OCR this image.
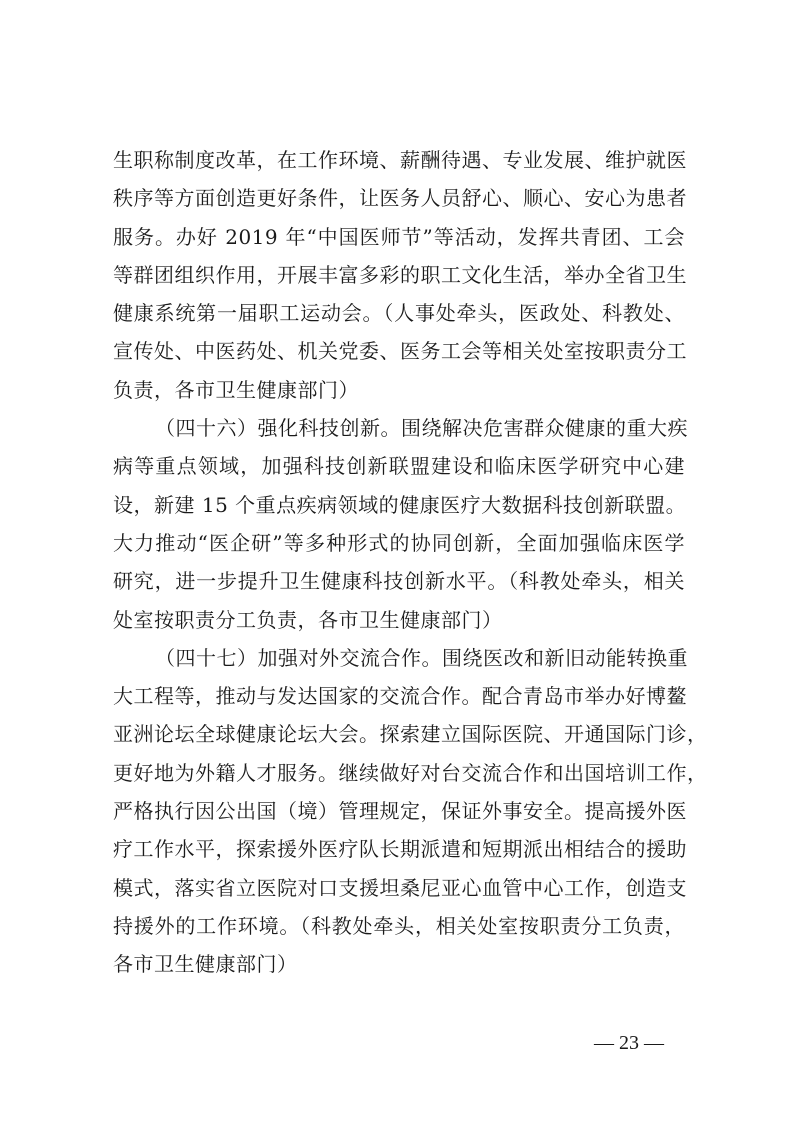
生职称制度改革，在工作环境、薪酬待遇、专业发展、维护就医
秩序等方面创造更好条件，让医务人员舒心、顺心、安心为患者
服务。办好 2019 年“中国医师节”等活动，发挥共青团、工会
等群团组织作用，开展丰富多彩的职工文化生活，举办全省卫生
健康系统第一届职工运动会。（人事处牵头，医政处、科教处、
宣传处、中医药处、机关党委、医务工会等相关处室按职责分工
负责，各市卫生健康部门）
（四十六）强化科技创新。围绕解决危害群众健康的重大疾
病等重点领域，加强科技创新联盟建设和临床医学研究中心建
设，新建 15 个重点疾病领域的健康医疗大数据科技创新联盟。
大力推动“医企研”等多种形式的协同创新，全面加强临床医学
研究，进一步提升卫生健康科技创新水平。（科教处牵头，相关
处室按职责分工负责，各市卫生健康部门）
（四十七）加强对外交流合作。围绕医改和新旧动能转换重
大工程等，推动与发达国家的交流合作。配合青岛市举办好博鳌
亚洲论坛全球健康论坛大会。探索建立国际医院、开通国际门诊，
更好地为外籍人才服务。继续做好对台交流合作和出国培训工作，
严格执行因公出国（境）管理规定，保证外事安全。提高援外医
疗工作水平，探索援外医疗队长期派遣和短期派出相结合的援助
模式，落实省立医院对口支援坦桑尼亚心血管中心工作，创造支
持援外的工作环境。（科教处牵头，相关处室按职责分工负责，
各市卫生健康部门）
— 23 —
